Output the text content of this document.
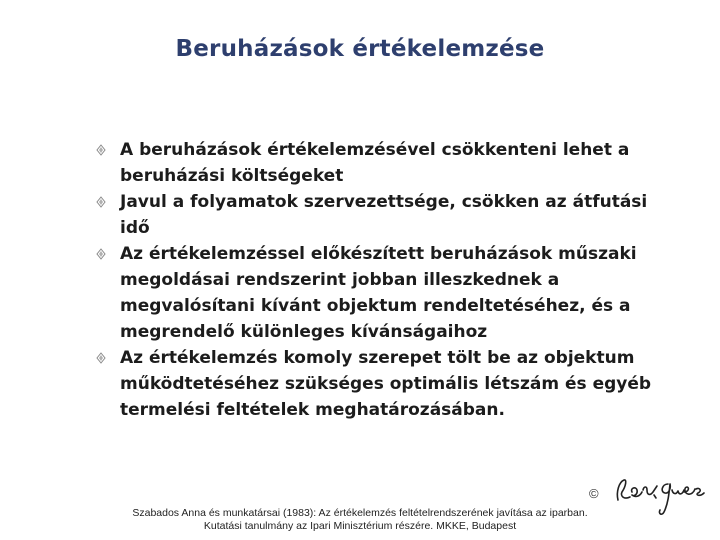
Beruházások értékelemzése
A beruházások értékelemzésével csökkenteni lehet a beruházási költségeket
Javul a folyamatok szervezettsége, csökken az átfutási idő
Az értékelemzéssel előkészített beruházások műszaki megoldásai rendszerint jobban illeszkednek a megvalósítani kívánt objektum rendeltetéséhez, és a megrendelő különleges kívánságaihoz
Az értékelemzés komoly szerepet tölt be az objektum működtetéséhez szükséges optimális létszám és egyéb termelési feltételek meghatározásában.
©
Szabados Anna és munkatársai (1983): Az értékelemzés feltételrendszerének javítása az iparban.
Kutatási tanulmány az Ipari Minisztérium részére. MKKE, Budapest
